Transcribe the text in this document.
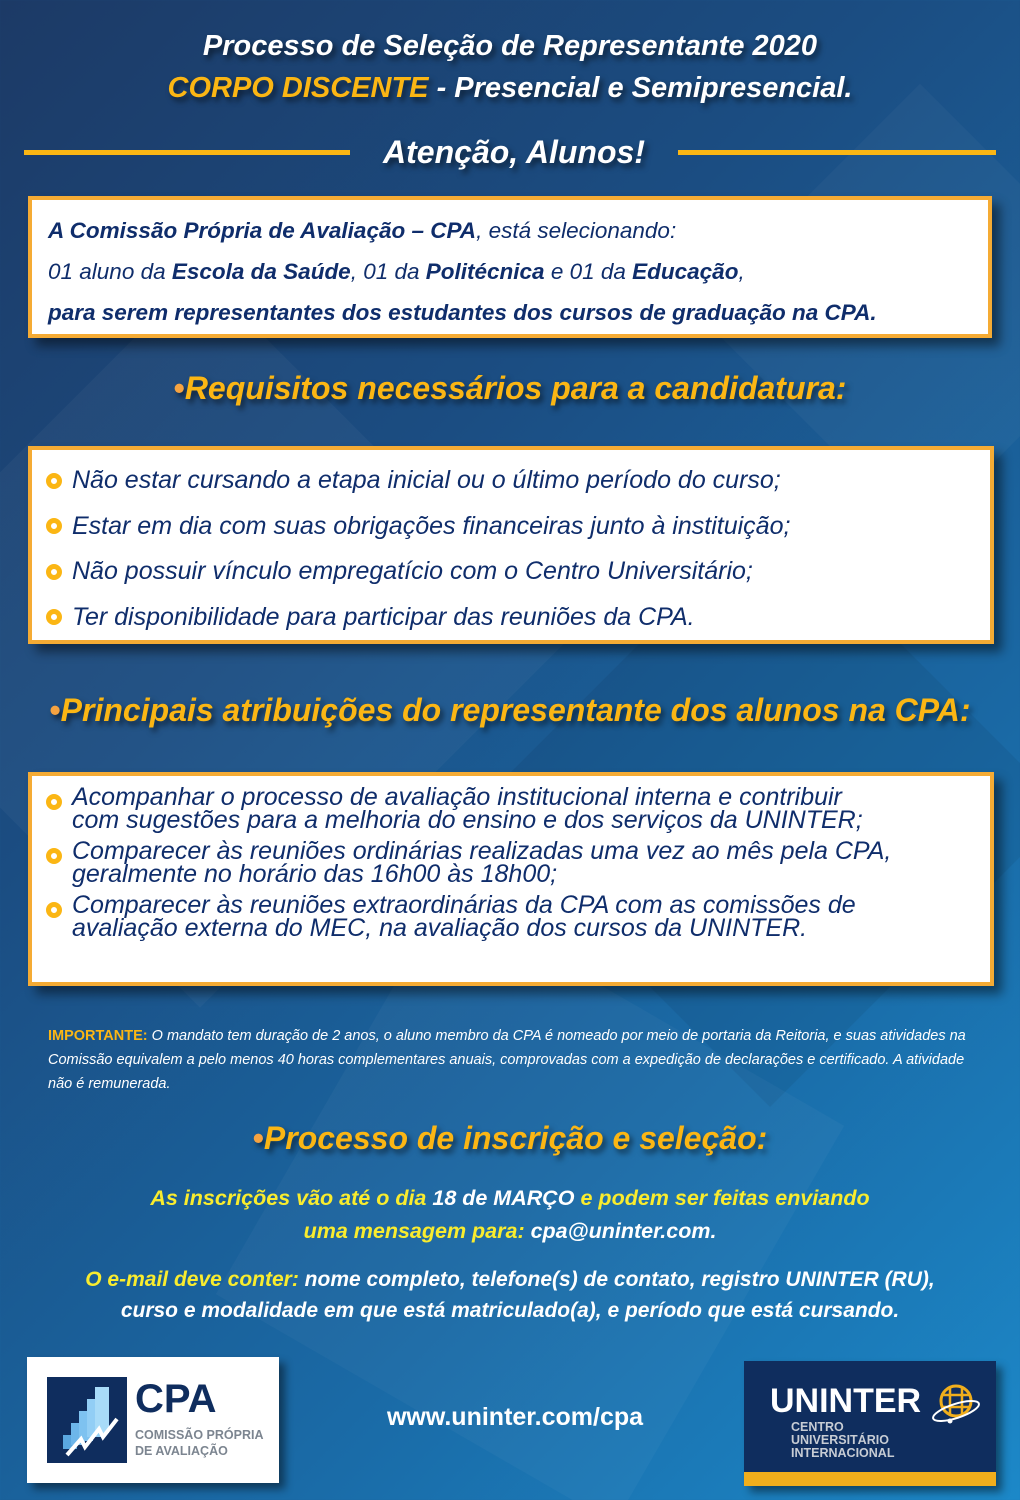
Processo de Seleção de Representante 2020
CORPO DISCENTE - Presencial e Semipresencial.
Atenção, Alunos!
A Comissão Própria de Avaliação – CPA, está selecionando:
01 aluno da Escola da Saúde, 01 da Politécnica e 01 da Educação,
para serem representantes dos estudantes dos cursos de graduação na CPA.
•Requisitos necessários para a candidatura:
Não estar cursando a etapa inicial ou o último período do curso;
Estar em dia com suas obrigações financeiras junto à instituição;
Não possuir vínculo empregatício com o Centro Universitário;
Ter disponibilidade para participar das reuniões da CPA.
•Principais atribuições do representante dos alunos na CPA:
Acompanhar o processo de avaliação institucional interna e contribuir
com sugestões para a melhoria do ensino e dos serviços da UNINTER;
Comparecer às reuniões ordinárias realizadas uma vez ao mês pela CPA,
geralmente no horário das 16h00 às 18h00;
Comparecer às reuniões extraordinárias da CPA com as comissões de
avaliação externa do MEC, na avaliação dos cursos da UNINTER.
IMPORTANTE: O mandato tem duração de 2 anos, o aluno membro da CPA é nomeado por meio de portaria da Reitoria, e suas atividades na Comissão equivalem a pelo menos 40 horas complementares anuais, comprovadas com a expedição de declarações e certificado. A atividade não é remunerada.
•Processo de inscrição e seleção:
As inscrições vão até o dia 18 de MARÇO e podem ser feitas enviando
uma mensagem para: cpa@uninter.com.
O e-mail deve conter: nome completo, telefone(s) de contato, registro UNINTER (RU),
curso e modalidade em que está matriculado(a), e período que está cursando.
CPA
COMISSÃO PRÓPRIA
DE AVALIAÇÃO
www.uninter.com/cpa	UNINTER
CENTRO
UNIVERSITÁRIO
INTERNACIONAL
